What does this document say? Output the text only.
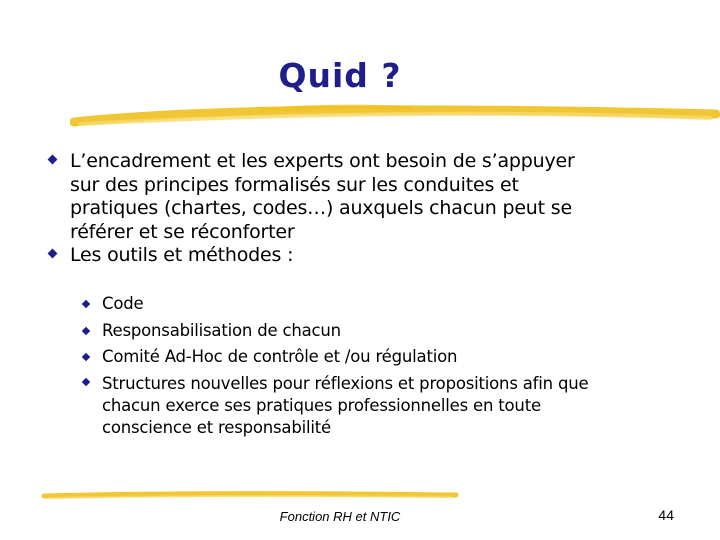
Quid ?
L’encadrement et les experts ont besoin de s’appuyer
sur des principes formalisés sur les conduites et
pratiques (chartes, codes…) auxquels chacun peut se
référer et se réconforter
Les outils et méthodes :
Code
Responsabilisation de chacun
Comité Ad-Hoc de contrôle et /ou régulation
Structures nouvelles pour réflexions et propositions afin que
chacun exerce ses pratiques professionnelles en toute
conscience et responsabilité
Fonction RH et NTIC	44
